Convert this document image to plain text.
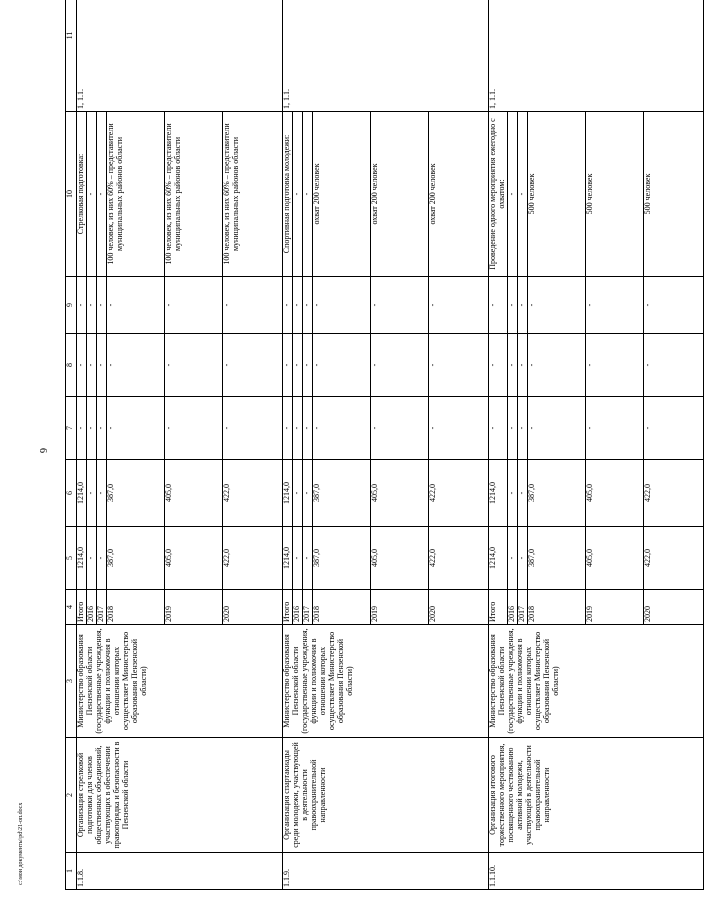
6
1	2	3	4	5	6	7	8	9	10	11
1.1.8.	Организация стрелковой подготовки для членов общественных объединений, участвующих в обеспечении правопорядка и безопасности в Пензенской области	Министерство образования Пензенской области (государственные учреждения, функции и полномочия в отношении которых осуществляет Министерство образования Пензенской области)	Итого	1214,0	1214,0	-	-	-	Стрелковая подготовка:	1, 1.1.
			2016	-	-	-	-	-	-	
			2017	-	-	-	-	-	-	
			2018	387,0	387,0	-	-	-	100 человек, из них 60% – представители муниципальных районов области	
			2019	405,0	405,0	-	-	-	100 человек, из них 60% – представители муниципальных районов области	
			2020	422,0	422,0	-	-	-	100 человек, из них 60% – представители муниципальных районов области	
1.1.9.	Организация спартакиады среди молодежи, участвующей в деятельности правоохранительной направленности	Министерство образования Пензенской области (государственные учреждения, функции и полномочия в отношении которых осуществляет Министерство образования Пензенской области)	Итого	1214,0	1214,0	-	-	-	Спортивная подготовка молодежи:	1, 1.1.
			2016	-	-	-	-	-	-	
			2017	-	-	-	-	-	-	
			2018	387,0	387,0	-	-	-	охват 200 человек	
			2019	405,0	405,0	-	-	-	охват 200 человек	
			2020	422,0	422,0	-	-	-	охват 200 человек	
1.1.10.	Организация итогового торжественного мероприятия, посвященного чествованию активной молодежи, участвующей в деятельности правоохранительной направленности	Министерство образования Пензенской области (государственные учреждения, функции и полномочия в отношении которых осуществляет Министерство образования Пензенской области)	Итого	1214,0	1214,0	-	-	-	Проведение одного мероприятия ежегодно с охватом:	1, 1.1.
			2016	-	-	-	-	-	-	
			2017	-	-	-	-	-	-	
			2018	387,0	387,0	-	-	-	500 человек	
			2019	405,0	405,0	-	-	-	500 человек	
			2020	422,0	422,0	-	-	-	500 человек	
c:\мои документы\pd\21-оп.docx
